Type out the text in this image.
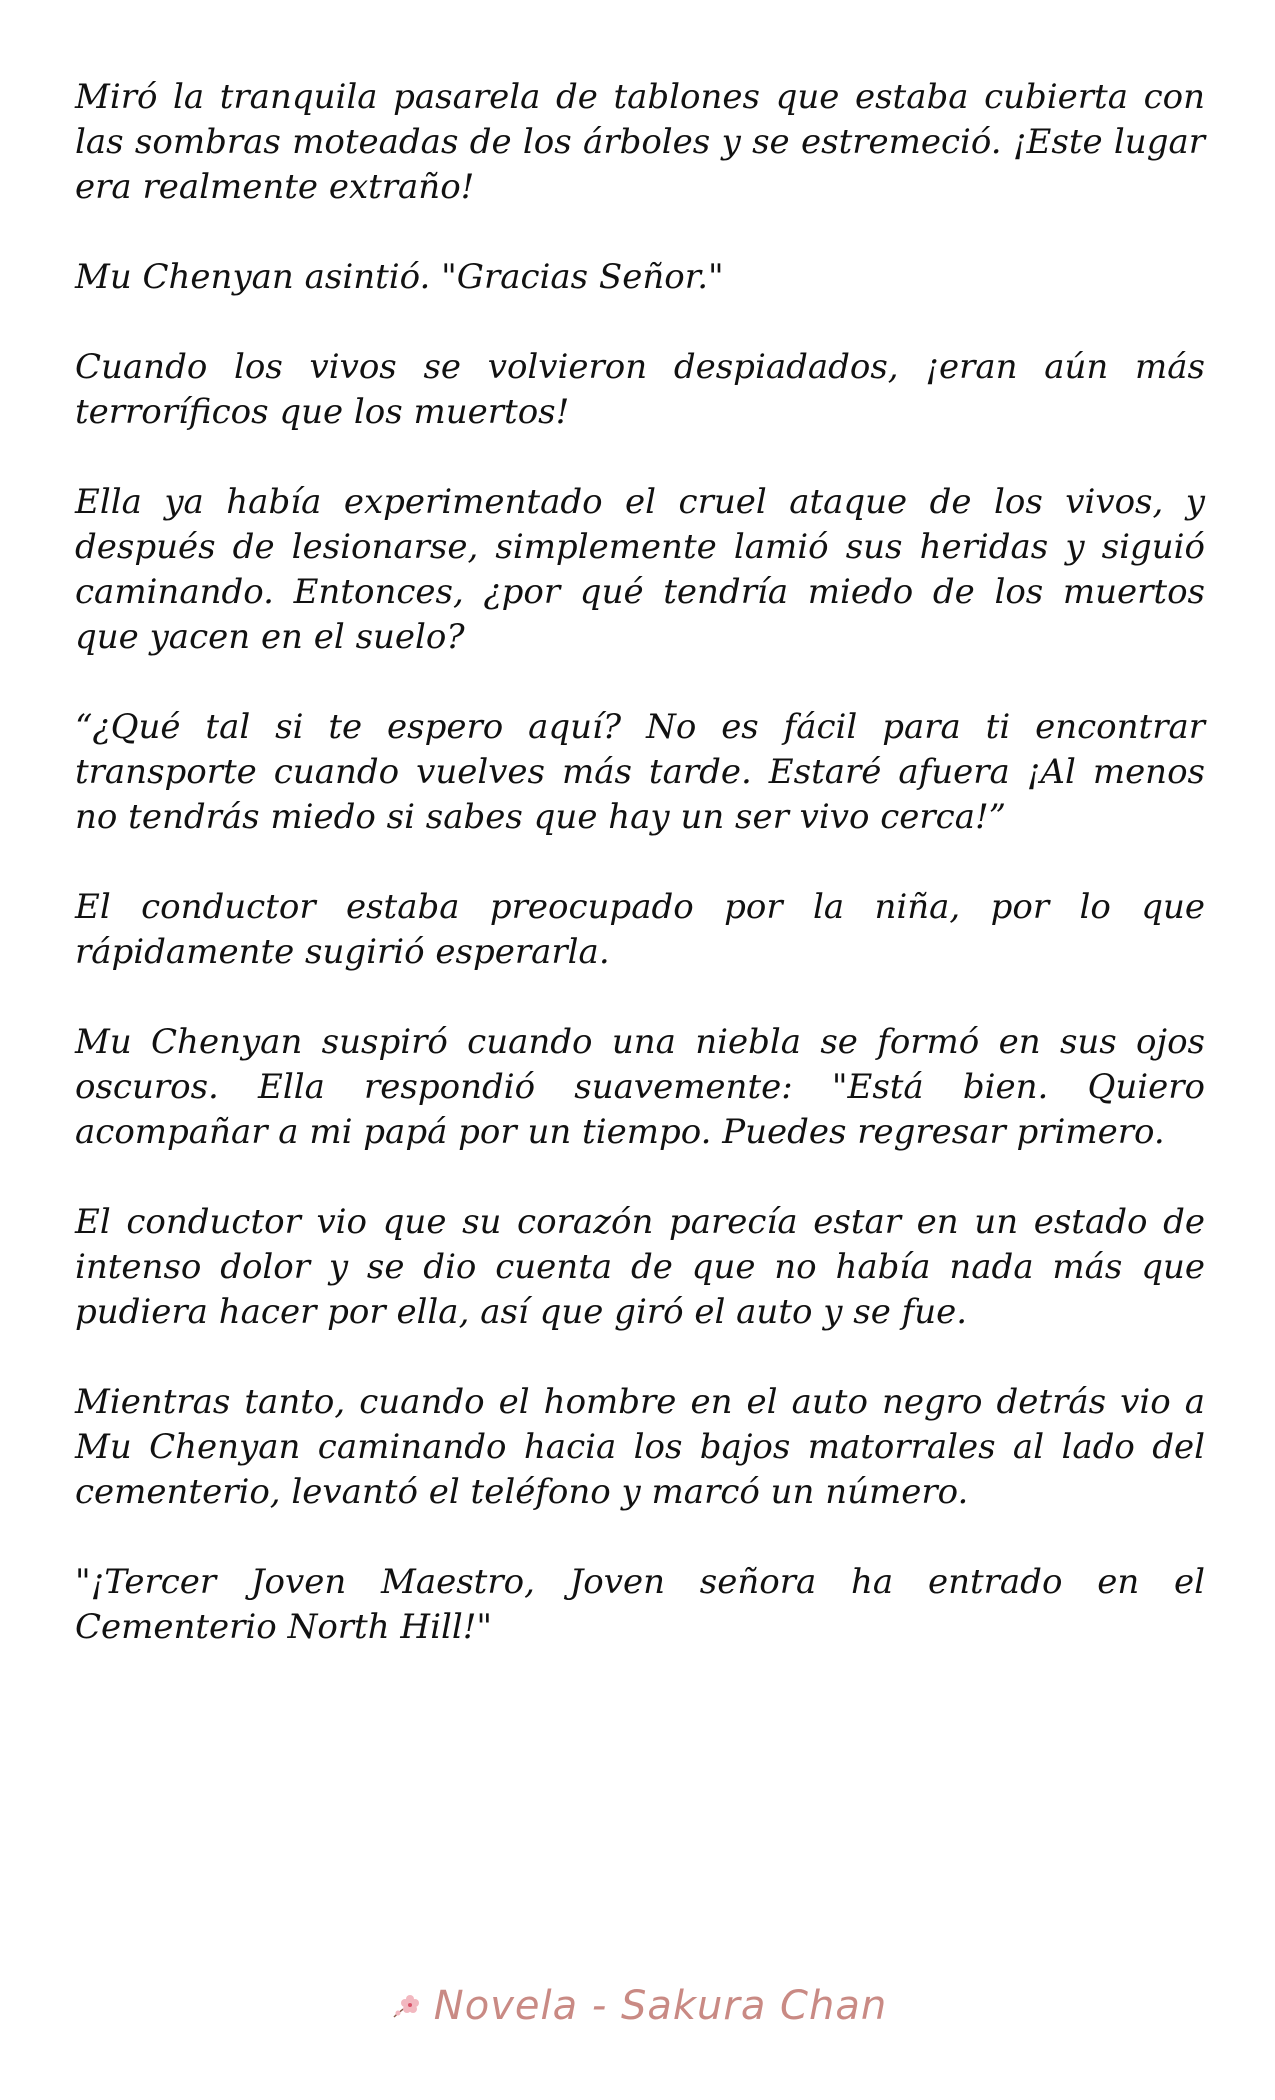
Miró la tranquila pasarela de tablones que estaba cubierta con las sombras moteadas de los árboles y se estremeció. ¡Este lugar era realmente extraño!

Mu Chenyan asintió. "Gracias Señor."

Cuando los vivos se volvieron despiadados, ¡eran aún más terroríficos que los muertos!

Ella ya había experimentado el cruel ataque de los vivos, y después de lesionarse, simplemente lamió sus heridas y siguió caminando. Entonces, ¿por qué tendría miedo de los muertos que yacen en el suelo?

“¿Qué tal si te espero aquí? No es fácil para ti encontrar transporte cuando vuelves más tarde. Estaré afuera ¡Al menos no tendrás miedo si sabes que hay un ser vivo cerca!”

El conductor estaba preocupado por la niña, por lo que rápidamente sugirió esperarla.

Mu Chenyan suspiró cuando una niebla se formó en sus ojos oscuros. Ella respondió suavemente: "Está bien. Quiero acompañar a mi papá por un tiempo. Puedes regresar primero.

El conductor vio que su corazón parecía estar en un estado de intenso dolor y se dio cuenta de que no había nada más que pudiera hacer por ella, así que giró el auto y se fue.

Mientras tanto, cuando el hombre en el auto negro detrás vio a Mu Chenyan caminando hacia los bajos matorrales al lado del cementerio, levantó el teléfono y marcó un número.

"¡Tercer Joven Maestro, Joven señora ha entrado en el Cementerio North Hill!"

Novela - Sakura Chan
